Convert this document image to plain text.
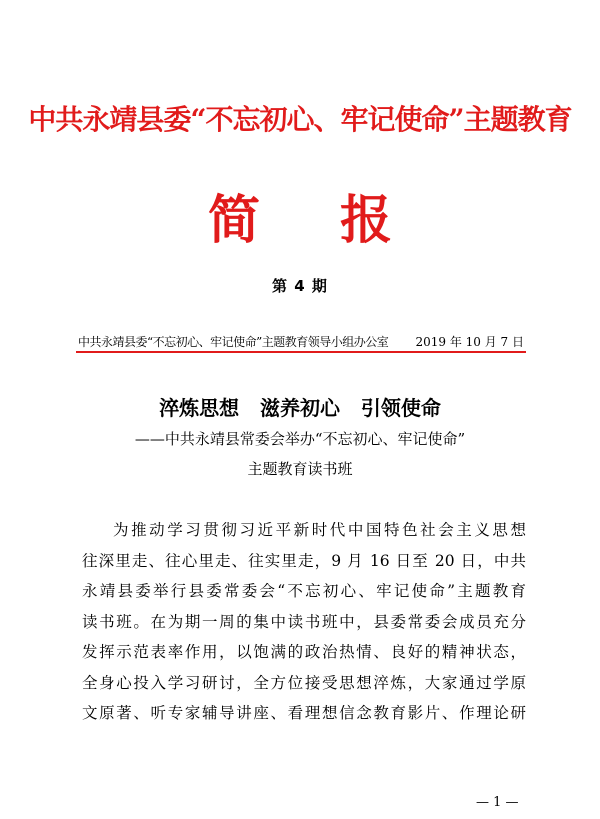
中共永靖县委“不忘初心、牢记使命”主题教育
简报
第 4 期
中共永靖县委“不忘初心、牢记使命”主题教育领导小组办公室 2019 年 10 月 7 日
淬炼思想   滋养初心   引领使命
——中共永靖县常委会举办“不忘初心、牢记使命”
主题教育读书班
为推动学习贯彻习近平新时代中国特色社会主义思想
往深里走、往心里走、往实里走，9 月 16 日至 20 日，中共
永靖县委举行县委常委会“不忘初心、牢记使命”主题教育
读书班。在为期一周的集中读书班中，县委常委会成员充分
发挥示范表率作用，以饱满的政治热情、良好的精神状态，
全身心投入学习研讨，全方位接受思想淬炼，大家通过学原
文原著、听专家辅导讲座、看理想信念教育影片、作理论研
— 1 —
